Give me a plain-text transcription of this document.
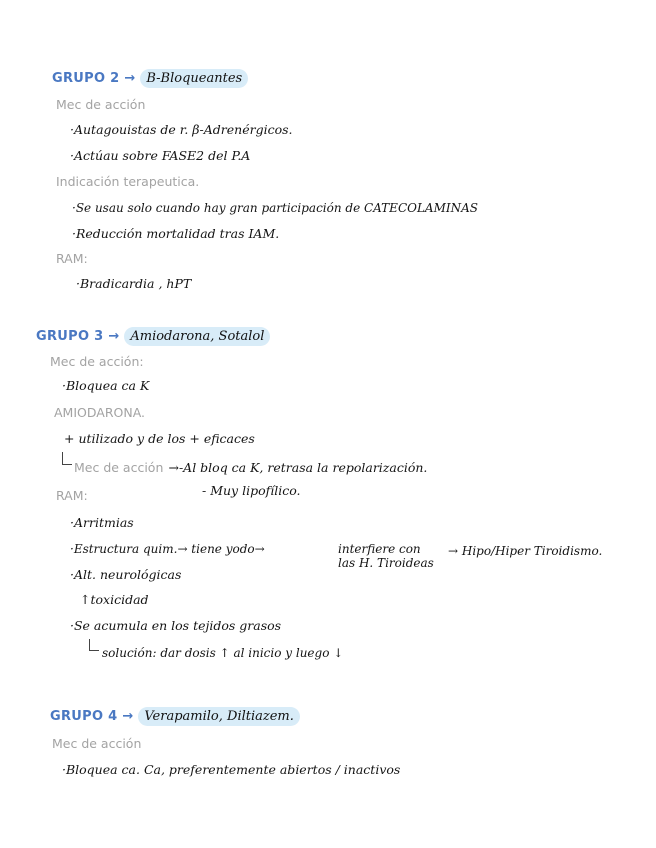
GRUPO 2 → B-Bloqueantes
Mec de acción
·Autagouistas de r. β-Adrenérgicos.
·Actúau sobre FASE2 del P.A
Indicación terapeutica.
·Se usau solo cuando hay gran participación de CATECOLAMINAS
·Reducción mortalidad tras IAM.
RAM:
·Bradicardia , hPT
GRUPO 3 → Amiodarona, Sotalol
Mec de acción:
·Bloquea ca K
AMIODARONA.
+ utilizado y de los + eficaces
Mec de acción →-Al bloq ca K, retrasa la repolarización.
RAM:	- Muy lipofílico.
·Arritmias
·Estructura quim.→ tiene yodo→	interfiere con
las H. Tiroideas
→ Hipo/Hiper Tiroidismo.
·Alt. neurológicas
↑toxicidad
·Se acumula en los tejidos grasos
solución: dar dosis ↑ al inicio y luego ↓
GRUPO 4 → Verapamilo, Diltiazem.
Mec de acción
·Bloquea ca. Ca, preferentemente abiertos / inactivos
